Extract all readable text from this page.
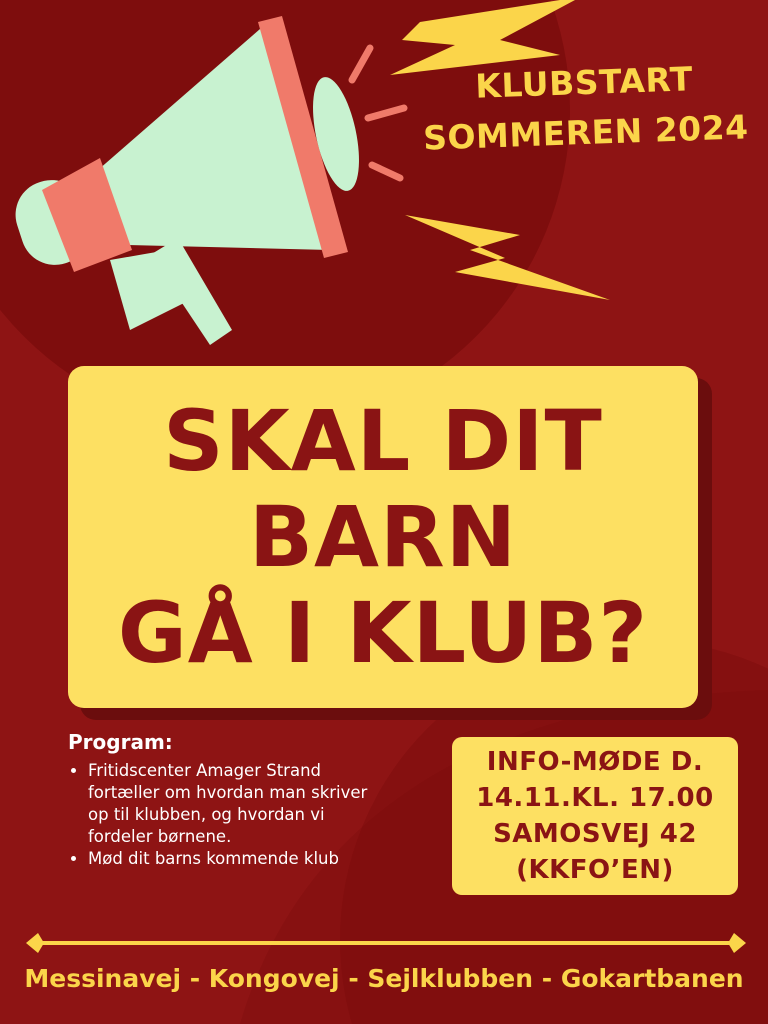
KLUBSTART
SOMMEREN 2024
SKAL DIT
BARN
GÅ I KLUB?

Program:

• Fritidscenter Amager Strand fortæller om hvordan man skriver op til klubben, og hvordan vi fordeler børnene.
• Mød dit barns kommende klub
INFO-MØDE D.
14.11.KL. 17.00
SAMOSVEJ 42
(KKFO’EN)
Messinavej - Kongovej - Sejlklubben - Gokartbanen
